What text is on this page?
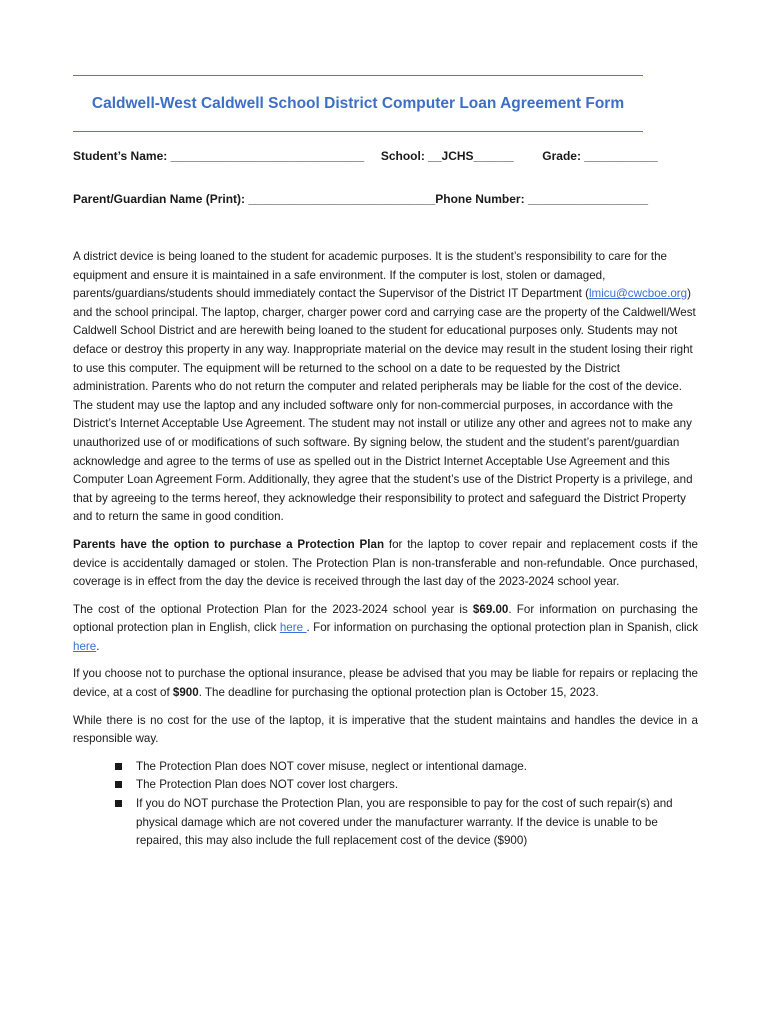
Caldwell-West Caldwell School District Computer Loan Agreement Form
Student’s Name: _____________________________ School: __JCHS______ Grade: ___________
Parent/Guardian Name (Print): ____________________________Phone Number: __________________

A district device is being loaned to the student for academic purposes. It is the student’s responsibility to care for the equipment and ensure it is maintained in a safe environment. If the computer is lost, stolen or damaged, parents/guardians/students should immediately contact the Supervisor of the District IT Department (lmicu@cwcboe.org) and the school principal. The laptop, charger, charger power cord and carrying case are the property of the Caldwell/West Caldwell School District and are herewith being loaned to the student for educational purposes only. Students may not deface or destroy this property in any way. Inappropriate material on the device may result in the student losing their right to use this computer. The equipment will be returned to the school on a date to be requested by the District administration. Parents who do not return the computer and related peripherals may be liable for the cost of the device. The student may use the laptop and any included software only for non-commercial purposes, in accordance with the District’s Internet Acceptable Use Agreement. The student may not install or utilize any other and agrees not to make any unauthorized use of or modifications of such software. By signing below, the student and the student’s parent/guardian acknowledge and agree to the terms of use as spelled out in the District Internet Acceptable Use Agreement and this Computer Loan Agreement Form. Additionally, they agree that the student’s use of the District Property is a privilege, and that by agreeing to the terms hereof, they acknowledge their responsibility to protect and safeguard the District Property and to return the same in good condition.

Parents have the option to purchase a Protection Plan for the laptop to cover repair and replacement costs if the device is accidentally damaged or stolen. The Protection Plan is non-transferable and non-refundable. Once purchased, coverage is in effect from the day the device is received through the last day of the 2023-2024 school year.

The cost of the optional Protection Plan for the 2023-2024 school year is $69.00. For information on purchasing the optional protection plan in English, click here . For information on purchasing the optional protection plan in Spanish, click here.

If you choose not to purchase the optional insurance, please be advised that you may be liable for repairs or replacing the device, at a cost of $900. The deadline for purchasing the optional protection plan is October 15, 2023.

While there is no cost for the use of the laptop, it is imperative that the student maintains and handles the device in a responsible way.

The Protection Plan does NOT cover misuse, neglect or intentional damage.
The Protection Plan does NOT cover lost chargers.
If you do NOT purchase the Protection Plan, you are responsible to pay for the cost of such repair(s) and physical damage which are not covered under the manufacturer warranty. If the device is unable to be repaired, this may also include the full replacement cost of the device ($900)
